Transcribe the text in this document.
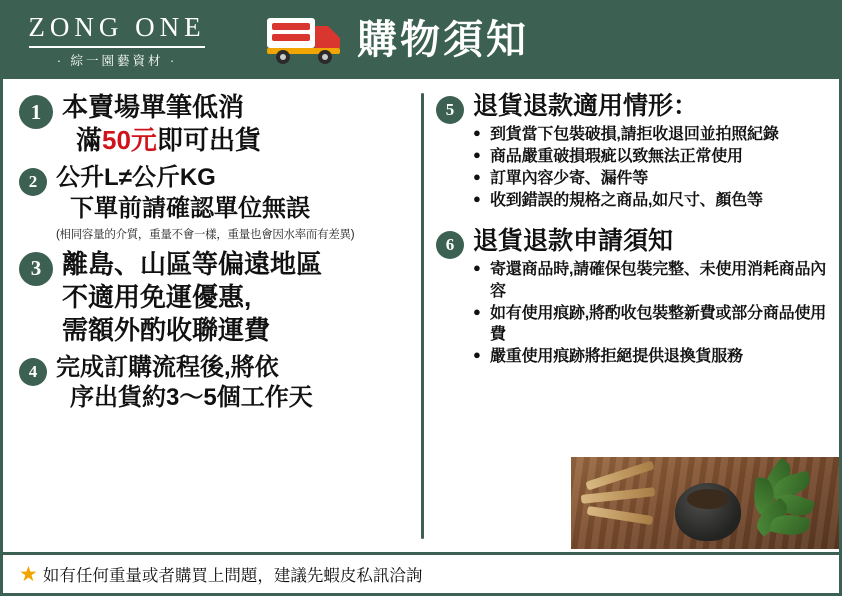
ZONG ONE
· 綜一園藝資材 ·	購物須知
1 本賣場單筆低消
滿50元即可出貨
2 公升L≠公斤KG
下單前請確認單位無誤
(相同容量的介質，重量不會一樣，重量也會因水率而有差異)
3 離島、山區等偏遠地區
不適用免運優惠,
需額外酌收聯運費
4 完成訂購流程後,將依
序出貨約3～5個工作天
5 退貨退款適用情形：
● 到貨當下包裝破損,請拒收退回並拍照紀錄
● 商品嚴重破損瑕疵以致無法正常使用
● 訂單內容少寄、漏件等
● 收到錯誤的規格之商品,如尺寸、顏色等
6 退貨退款申請須知
● 寄還商品時,請確保包裝完整、未使用消耗商品內容
● 如有使用痕跡,將酌收包裝整新費或部分商品使用費
● 嚴重使用痕跡將拒絕提供退換貨服務
★ 如有任何重量或者購買上問題，建議先蝦皮私訊洽詢
